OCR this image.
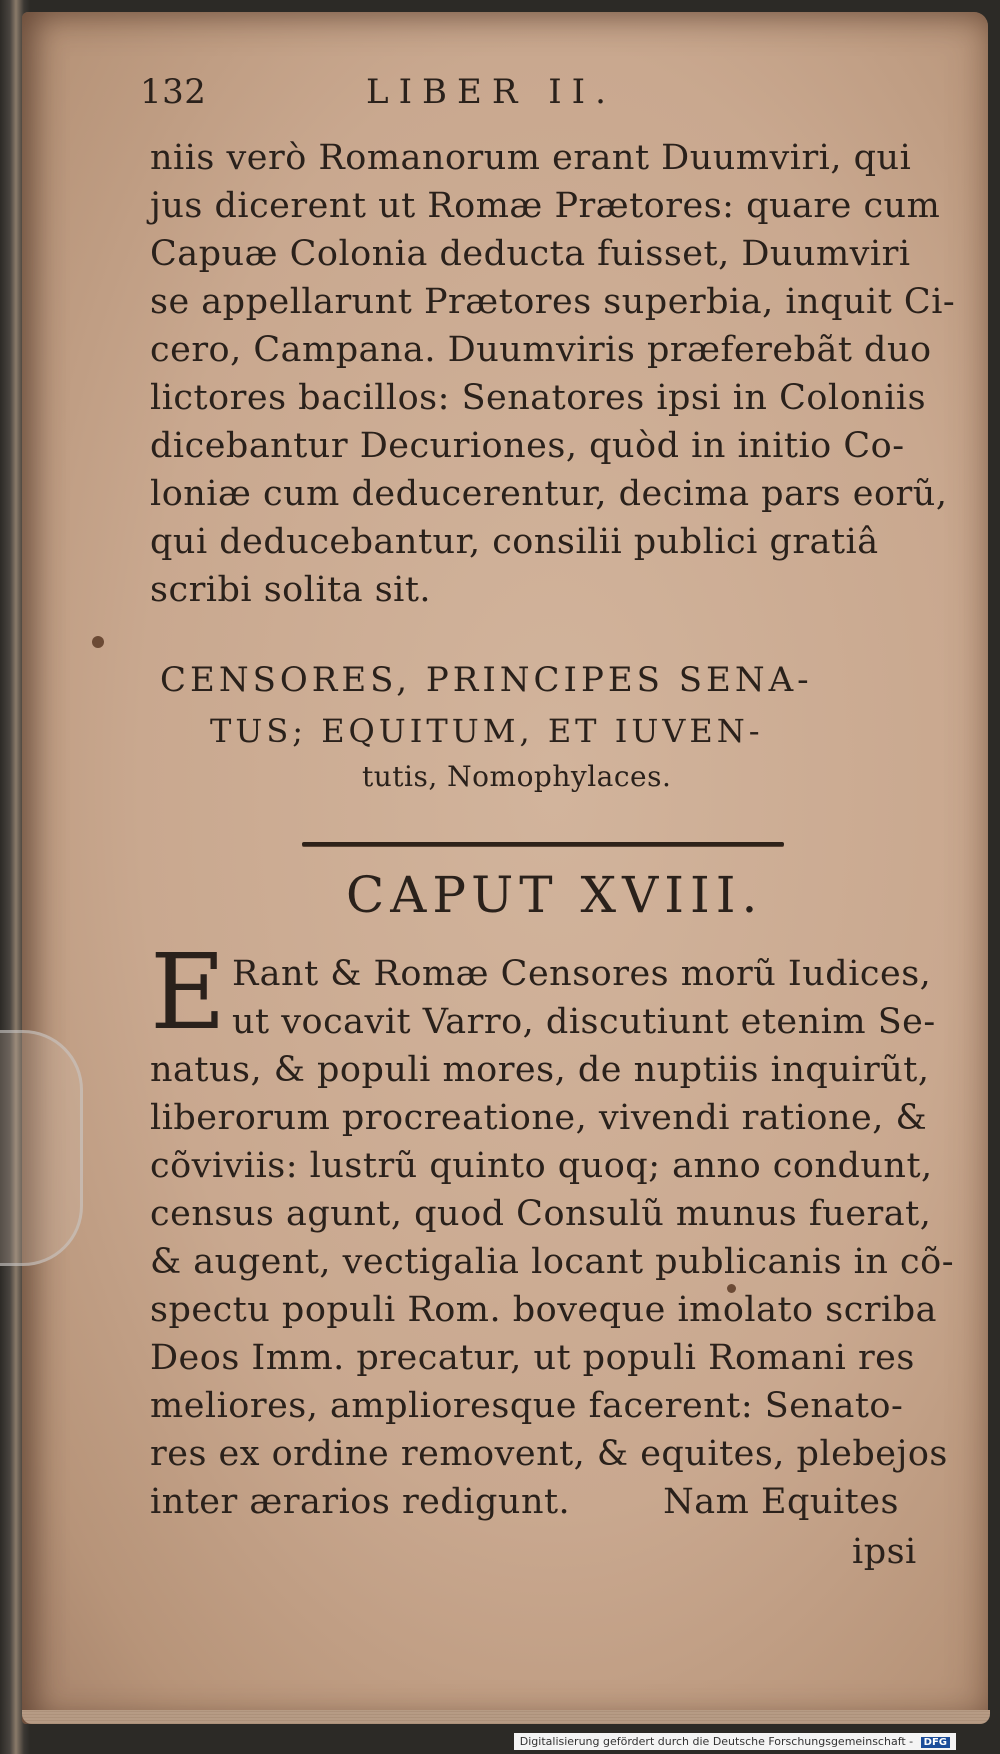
132	LIBER II.
niis verò Romanorum erant Duumviri, qui
jus dicerent ut Romæ Prætores: quare cum
Capuæ Colonia deducta fuisset, Duumviri
se appellarunt Prætores superbia, inquit Ci-
cero, Campana. Duumviris præferebãt duo
lictores bacillos: Senatores ipsi in Coloniis
dicebantur Decuriones, quòd in initio Co-
loniæ cum deducerentur, decima pars eorũ,
qui deducebantur, consilii publici gratiâ
scribi solita sit.
CENSORES, PRINCIPES SENA-
TUS; EQUITUM, ET IUVEN-
tutis, Nomophylaces.
CAPUT XVIII.
E Rant & Romæ Censores morũ Iudices,
ut vocavit Varro, discutiunt etenim Se-
natus, & populi mores, de nuptiis inquirũt,
liberorum procreatione, vivendi ratione, &
cõviviis: lustrũ quinto quoq; anno condunt,
census agunt, quod Consulũ munus fuerat,
& augent, vectigalia locant publicanis in cõ-
spectu populi Rom. boveque imolato scriba
Deos Imm. precatur, ut populi Romani res
meliores, amplioresque facerent: Senato-
res ex ordine removent, & equites, plebejos
inter ærarios redigunt.        Nam Equites
ipsi
Digitalisierung gefördert durch die Deutsche Forschungsgemeinschaft - DFG
